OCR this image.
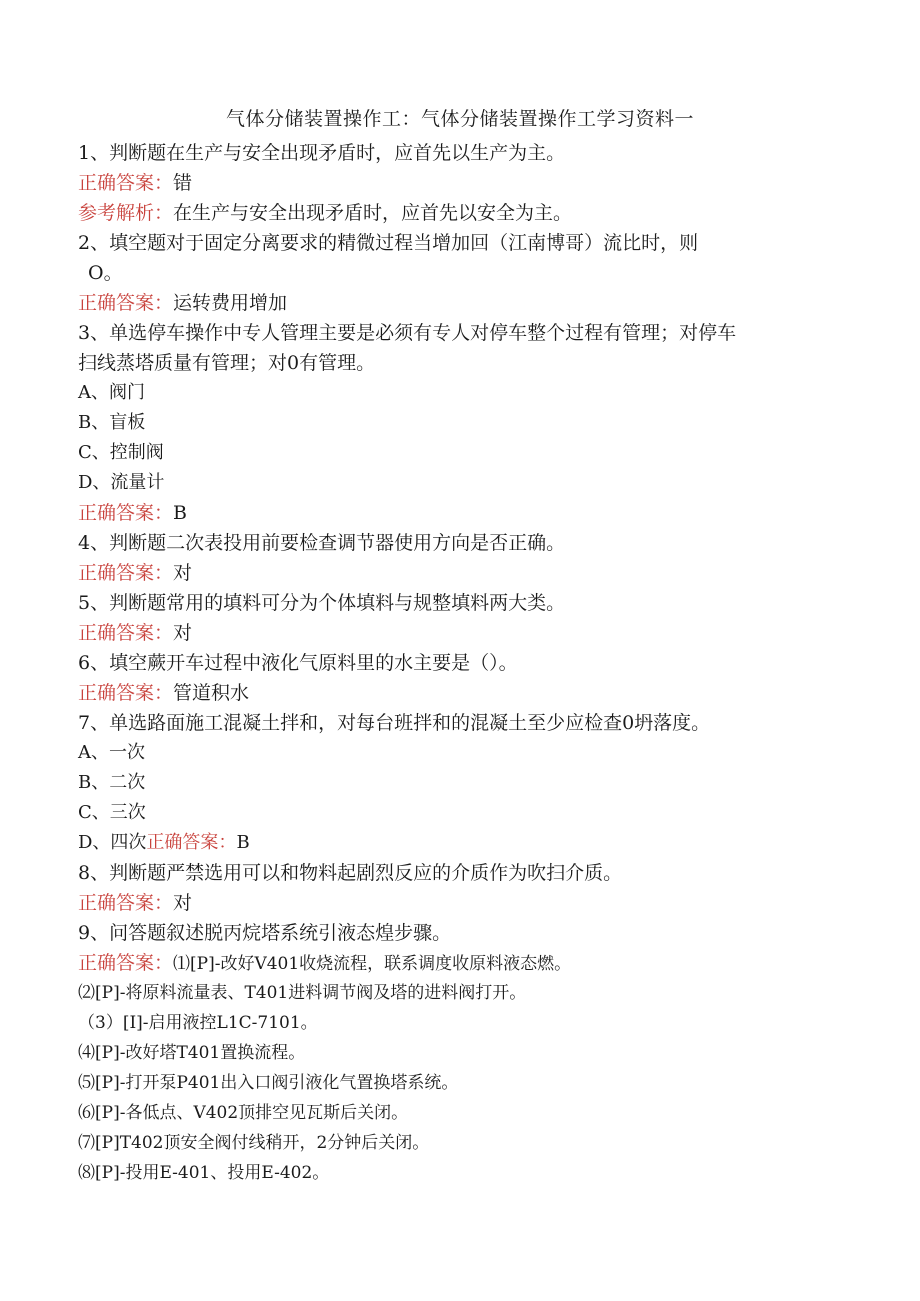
气体分储装置操作工：气体分储装置操作工学习资料一
1、判断题在生产与安全出现矛盾时，应首先以生产为主。
正确答案：错
参考解析：在生产与安全出现矛盾时，应首先以安全为主。
2、填空题对于固定分离要求的精微过程当增加回（江南博哥）流比时，则
O。
正确答案：运转费用增加
3、单选停车操作中专人管理主要是必须有专人对停车整个过程有管理；对停车
扫线蒸塔质量有管理；对0有管理。
A、阀门
B、盲板
C、控制阀
D、流量计
正确答案：B
4、判断题二次表投用前要检查调节器使用方向是否正确。
正确答案：对
5、判断题常用的填料可分为个体填料与规整填料两大类。
正确答案：对
6、填空蕨开车过程中液化气原料里的水主要是（）。
正确答案：管道积水
7、单选路面施工混凝土拌和，对每台班拌和的混凝土至少应检查0坍落度。
A、一次
B、二次
C、三次
D、四次正确答案：B
8、判断题严禁选用可以和物料起剧烈反应的介质作为吹扫介质。
正确答案：对
9、问答题叙述脱丙烷塔系统引液态煌步骤。
正确答案：⑴[P]-改好V401收烧流程，联系调度收原料液态燃。
⑵[P]-将原料流量表、T401进料调节阀及塔的进料阀打开。
（3）[I]-启用液控L1C-7101。
⑷[P]-改好塔T401置换流程。
⑸[P]-打开泵P401出入口阀引液化气置换塔系统。
⑹[P]-各低点、V402顶排空见瓦斯后关闭。
⑺[P]T402顶安全阀付线稍开，2分钟后关闭。
⑻[P]-投用E-401、投用E-402。
